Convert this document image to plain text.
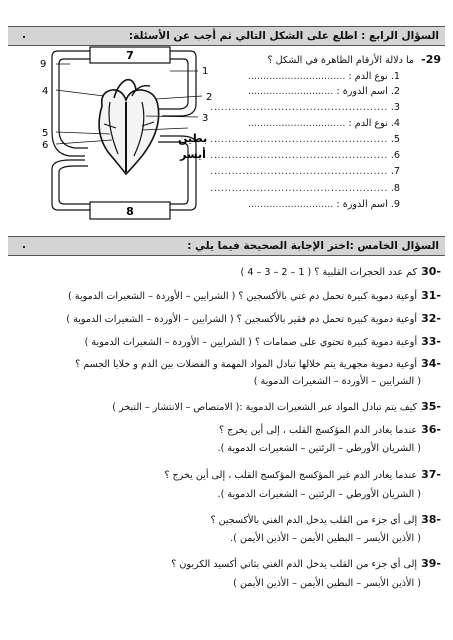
السؤال الرابع : اطلع على الشكل التالي ثم أجب عن الأسئلة:
.
29- ما دلالة الأرقام الظاهرة في الشكل ؟
1. نوع الدم : ................................
2. اسم الدورة : ............................
3. ..................................................
4. نوع الدم : ................................
5. ..................................................
6. ..................................................
7. ..................................................
8. ..................................................
9. اسم الدورة : ............................
7
8
1
2
3
9
4
5
6
بطين
أيسر
السؤال الخامس :اختر الإجابة الصحيحة فيما يلي :
.
-30كم عدد الحجرات القلبية ؟ ( 1 – 2 – 3 – 4 )
-31أوعية دموية كبيرة تحمل دم غني بالأكسجين ؟ ( الشرايين – الأوردة – الشعيرات الدموية )
-32أوعية دموية كبيرة تحمل دم فقير بالأكسجين ؟ ( الشرايين – الأوردة – الشعيرات الدموية )
-33أوعية دموية كبيرة تحتوي على صمامات ؟ ( الشرايين – الأوردة – الشعيرات الدموية )
-34أوعية دموية مجهرية يتم خلالها تبادل المواد المهمة و الفضلات بين الدم و خلايا الجسم ؟
( الشرايين – الأوردة – الشعيرات الدموية )
-35كيف يتم تبادل المواد عبر الشعيرات الدموية :( الامتصاص – الانتشار – التبخر )
-36عندما يغادر الدم المؤكسج القلب ، إلى أين يخرج ؟
( الشريان الأورطي – الرئتين – الشعيرات الدموية ).
-37عندما يغادر الدم غير المؤكسج المؤكسج القلب ، إلى أين يخرج ؟
( الشريان الأورطي – الرئتين – الشعيرات الدموية ).
-38إلى أي جزء من القلب يدخل الدم الغني بالأكسجين ؟
( الأذين الأيسر – البطين الأيمن – الأذين الأيمن ).
-39إلى أي جزء من القلب يدخل الدم الغني بثاني أكسيد الكربون ؟
( الأذين الأيسر – البطين الأيمن – الأذين الأيمن )
